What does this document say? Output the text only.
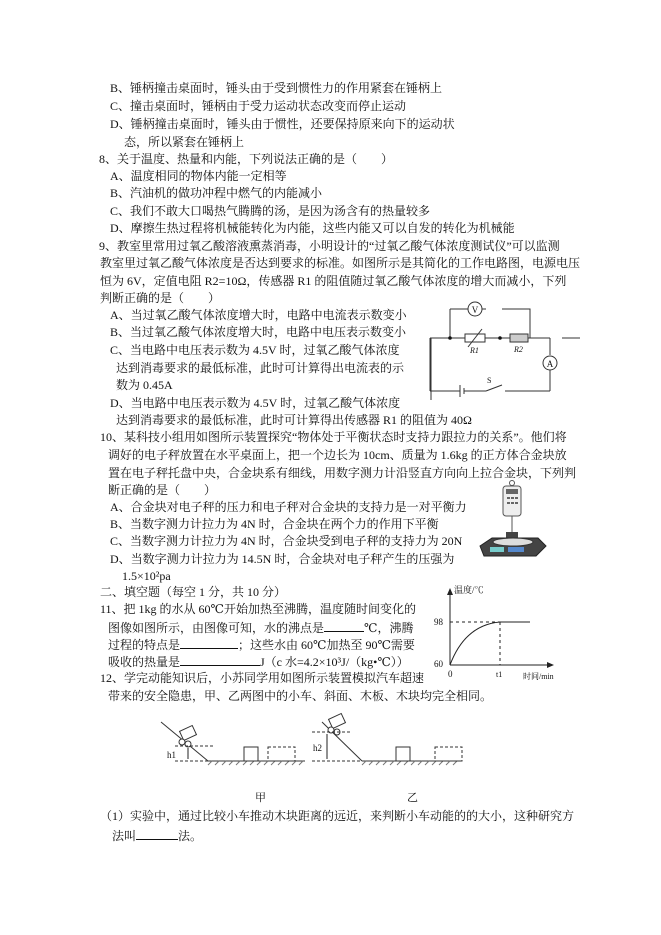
B、锤柄撞击桌面时，锤头由于受到惯性力的作用紧套在锤柄上
C、撞击桌面时，锤柄由于受力运动状态改变而停止运动
D、锤柄撞击桌面时，锤头由于惯性，还要保持原来向下的运动状
态，所以紧套在锤柄上
8、关于温度、热量和内能，下列说法正确的是（　　）
A、温度相同的物体内能一定相等
B、汽油机的做功冲程中燃气的内能减小
C、我们不敢大口喝热气腾腾的汤，是因为汤含有的热量较多
D、摩擦生热过程将机械能转化为内能，这些内能又可以自发的转化为机械能
9、教室里常用过氧乙酸溶液熏蒸消毒，小明设计的“过氧乙酸气体浓度测试仪”可以监测
教室里过氧乙酸气体浓度是否达到要求的标准。如图所示是其简化的工作电路图，电源电压
恒为 6V，定值电阻 R2=10Ω，传感器 R1 的阻值随过氧乙酸气体浓度的增大而减小，下列
判断正确的是（　　）
A、当过氧乙酸气体浓度增大时，电路中电流表示数变小
B、当过氧乙酸气体浓度增大时，电路中电压表示数变小
C、当电路中电压表示数为 4.5V 时，过氧乙酸气体浓度
达到消毒要求的最低标准，此时可计算得出电流表的示
数为 0.45A
D、当电路中电压表示数为 4.5V 时，过氧乙酸气体浓度
达到消毒要求的最低标准，此时可计算得出传感器 R1 的阻值为 40Ω
V
A
R1	R2
S
10、某科技小组用如图所示装置探究“物体处于平衡状态时支持力跟拉力的关系”。他们将
调好的电子秤放置在水平桌面上，把一个边长为 10cm、质量为 1.6kg 的正方体合金块放
置在电子秤托盘中央，合金块系有细线，用数字测力计沿竖直方向向上拉合金块，下列判
断正确的是（　　）
A、合金块对电子秤的压力和电子秤对合金块的支持力是一对平衡力
B、当数字测力计拉力为 4N 时，合金块在两个力的作用下平衡
C、当数字测力计拉力为 4N 时，合金块受到电子秤的支持力为 20N
D、当数字测力计拉力为 14.5N 时，合金块对电子秤产生的压强为
1.5×10²pa
二、填空题（每空 1 分，共 10 分）
11、把 1kg 的水从 60℃开始加热至沸腾，温度随时间变化的
图像如图所示，由图像可知，水的沸点是	℃，沸腾
过程的特点是	；这些水由 60℃加热至 90℃需要
吸收的热量是	J（c 水=4.2×10³J/（kg•℃））
温度/℃
98
60
0	t1	时间/min
12、学完动能知识后，小苏同学用如图所示装置模拟汽车超速
带来的安全隐患，甲、乙两图中的小车、斜面、木板、木块均完全相同。
h1
甲
h2
乙
（1）实验中，通过比较小车推动木块距离的远近，来判断小车动能的的大小，这种研究方
法叫	法。
